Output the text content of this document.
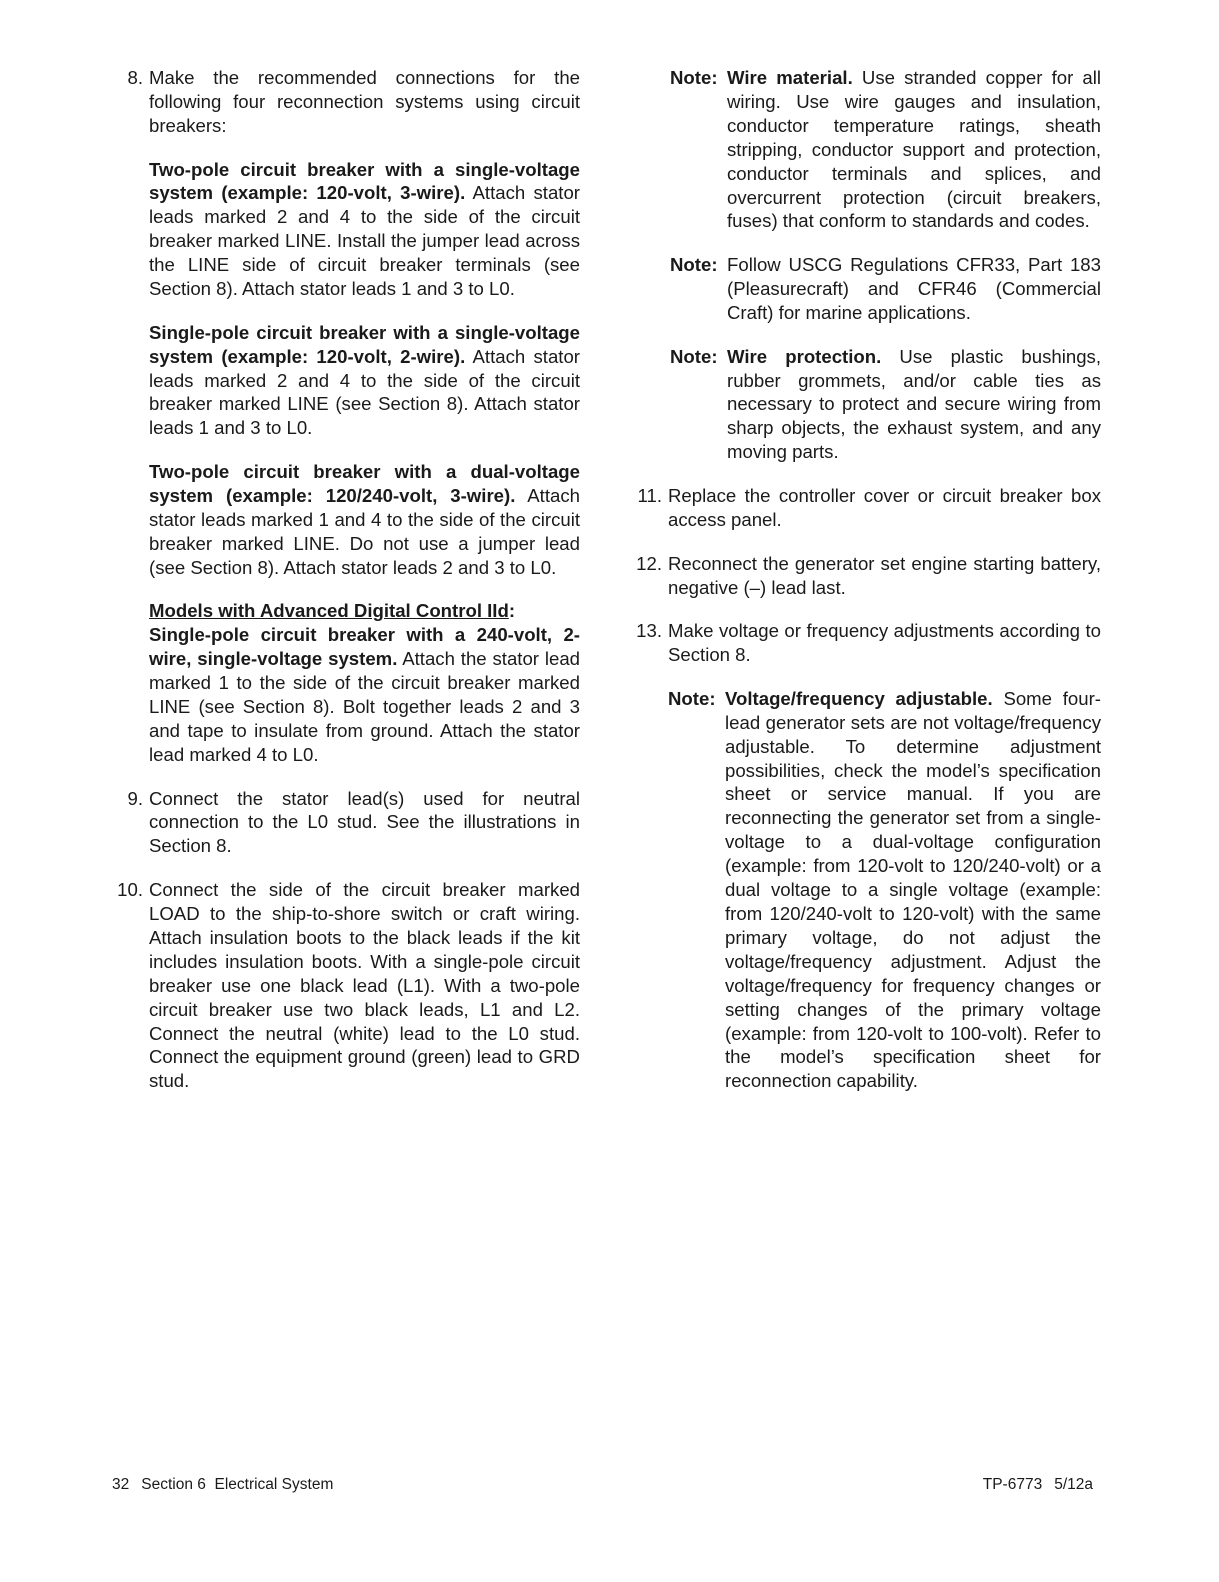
8. Make the recommended connections for the following four reconnection systems using circuit breakers:

Two-pole circuit breaker with a single-voltage system (example: 120-volt, 3-wire). Attach stator leads marked 2 and 4 to the side of the circuit breaker marked LINE. Install the jumper lead across the LINE side of circuit breaker terminals (see Section 8). Attach stator leads 1 and 3 to L0.

Single-pole circuit breaker with a single-voltage system (example: 120-volt, 2-wire). Attach stator leads marked 2 and 4 to the side of the circuit breaker marked LINE (see Section 8). Attach stator leads 1 and 3 to L0.

Two-pole circuit breaker with a dual-voltage system (example: 120/240-volt, 3-wire). Attach stator leads marked 1 and 4 to the side of the circuit breaker marked LINE. Do not use a jumper lead (see Section 8). Attach stator leads 2 and 3 to L0.

Models with Advanced Digital Control IId:
Single-pole circuit breaker with a 240-volt, 2-wire, single-voltage system. Attach the stator lead marked 1 to the side of the circuit breaker marked LINE (see Section 8). Bolt together leads 2 and 3 and tape to insulate from ground. Attach the stator lead marked 4 to L0.

9. Connect the stator lead(s) used for neutral connection to the L0 stud. See the illustrations in Section 8.

10. Connect the side of the circuit breaker marked LOAD to the ship-to-shore switch or craft wiring. Attach insulation boots to the black leads if the kit includes insulation boots. With a single-pole circuit breaker use one black lead (L1). With a two-pole circuit breaker use two black leads, L1 and L2. Connect the neutral (white) lead to the L0 stud. Connect the equipment ground (green) lead to GRD stud.

Note: Wire material. Use stranded copper for all wiring. Use wire gauges and insulation, conductor temperature ratings, sheath stripping, conductor support and protection, conductor terminals and splices, and overcurrent protection (circuit breakers, fuses) that conform to standards and codes.
Note: Follow USCG Regulations CFR33, Part 183 (Pleasurecraft) and CFR46 (Commercial Craft) for marine applications.
Note: Wire protection. Use plastic bushings, rubber grommets, and/or cable ties as necessary to protect and secure wiring from sharp objects, the exhaust system, and any moving parts.
11. Replace the controller cover or circuit breaker box access panel.

12. Reconnect the generator set engine starting battery, negative (–) lead last.

13. Make voltage or frequency adjustments according to Section 8.

Note: Voltage/frequency adjustable. Some four-lead generator sets are not voltage/frequency adjustable. To determine adjustment possibilities, check the model’s specification sheet or service manual. If you are reconnecting the generator set from a single-voltage to a dual-voltage configuration (example: from 120-volt to 120/240-volt) or a dual voltage to a single voltage (example: from 120/240-volt to 120-volt) with the same primary voltage, do not adjust the voltage/frequency adjustment. Adjust the voltage/frequency for frequency changes or setting changes of the primary voltage (example: from 120-volt to 100-volt). Refer to the model’s specification sheet for reconnection capability.
32 Section 6  Electrical System	TP-6773 5/12a
